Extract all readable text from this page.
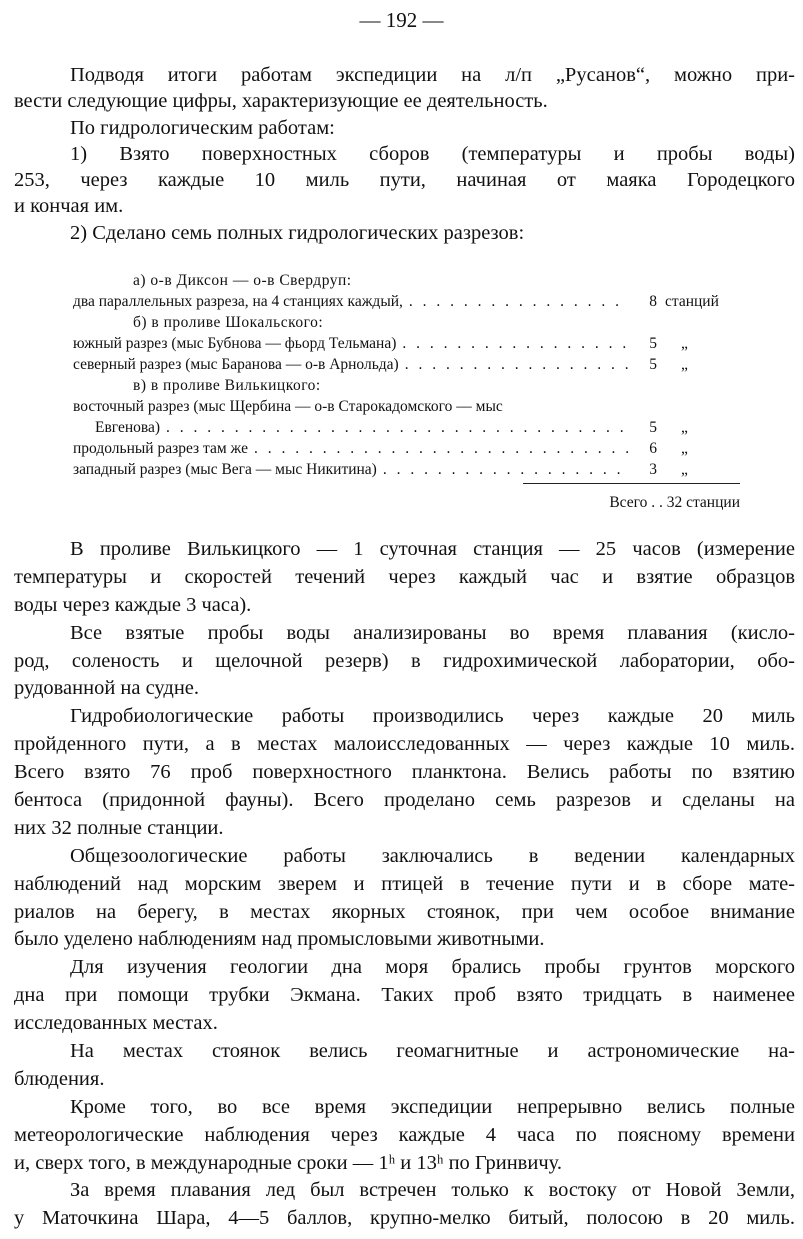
— 192 —
Подводя итоги работам экспедиции на л/п „Русанов“, можно при-
вести следующие цифры, характеризующие ее деятельность.
По гидрологическим работам:
1) Взято поверхностных сборов (температуры и пробы воды)
253, через каждые 10 миль пути, начиная от маяка Городецкого
и кончая им.
2) Сделано семь полных гидрологических разрезов:
а) о-в Диксон — о-в Свердруп:
два параллельных разреза, на 4 станциях каждый, . . .	8 станций
б) в проливе Шокальского:
южный разрез (мыс Бубнова — фьорд Тельмана) . . .	5	„
северный разрез (мыс Баранова — о-в Арнольда) . . .	5	„
в) в проливе Вилькицкого:
восточный разрез (мыс Щербина — о-в Старокадомского — мыс
Евгенова) . . .	5	„
продольный разрез там же . . .	6	„
западный разрез (мыс Вега — мыс Никитина) . . .	3	„
Всего . . 32 станции
В проливе Вилькицкого — 1 суточная станция — 25 часов (измерение
температуры и скоростей течений через каждый час и взятие образцов
воды через каждые 3 часа).
Все взятые пробы воды анализированы во время плавания (кисло-
род, соленость и щелочной резерв) в гидрохимической лаборатории, обо-
рудованной на судне.
Гидробиологические работы производились через каждые 20 миль
пройденного пути, а в местах малоисследованных — через каждые 10 миль.
Всего взято 76 проб поверхностного планктона. Велись работы по взятию
бентоса (придонной фауны). Всего проделано семь разрезов и сделаны на
них 32 полные станции.
Общезоологические работы заключались в ведении календарных
наблюдений над морским зверем и птицей в течение пути и в сборе мате-
риалов на берегу, в местах якорных стоянок, при чем особое внимание
было уделено наблюдениям над промысловыми животными.
Для изучения геологии дна моря брались пробы грунтов морского
дна при помощи трубки Экмана. Таких проб взято тридцать в наименее
исследованных местах.
На местах стоянок велись геомагнитные и астрономические на-
блюдения.
Кроме того, во все время экспедиции непрерывно велись полные
метеорологические наблюдения через каждые 4 часа по поясному времени
и, сверх того, в международные сроки — 1ʰ и 13ʰ по Гринвичу.
За время плавания лед был встречен только к востоку от Новой Земли,
у Маточкина Шара, 4—5 баллов, крупно-мелко битый, полосою в 20 миль.
